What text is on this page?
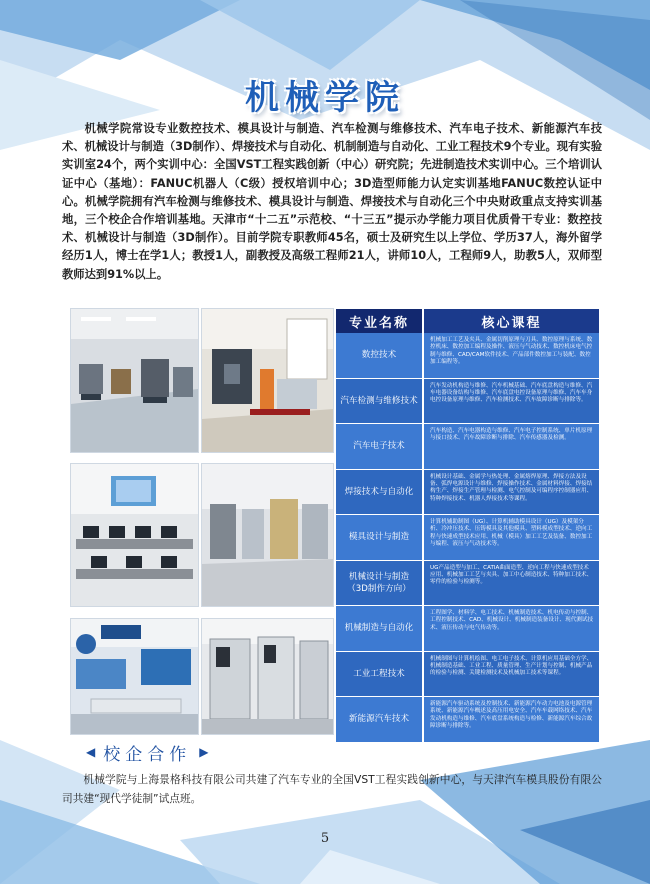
机械学院

机械学院常设专业数控技术、模具设计与制造、汽车检测与维修技术、汽车电子技术、新能源汽车技术、机械设计与制造（3D制作）、焊接技术与自动化、机制制造与自动化、工业工程技术9个专业。现有实验实训室24个，两个实训中心：全国VST工程实践创新（中心）研究院；先进制造技术实训中心。三个培训认证中心（基地）：FANUC机器人（C级）授权培训中心；3D造型师能力认定实训基地FANUC数控认证中心。机械学院拥有汽车检测与维修技术、模具设计与制造、焊接技术与自动化三个中央财政重点支持实训基地，三个校企合作培训基地。天津市“十二五”示范校、“十三五”提示办学能力项目优质骨干专业：数控技术、机械设计与制造（3D制作）。目前学院专职教师45名，硕士及研究生以上学位、学历37人，海外留学经历1人，博士在学1人；教授1人，副教授及高级工程师21人，讲师10人，工程师9人，助教5人，双师型教师达到91%以上。

专业名称	核心课程
数控技术
机械加工工艺及夹具、金属切削原理与刀具、数控原理与系统、数控机床、数控加工编程及操作、液压与气动技术、数控机床电气控制与维修、CAD/CAM软件技术、产品部件数控加工与装配、数控加工编程等。
汽车检测与维修技术
汽车发动机构造与维修、汽车机械基础、汽车底盘构造与维修、汽车电器设备结构与维修、汽车底盘电控设备原理与维修、汽车车身电控设备原理与维修、汽车检测技术、汽车故障诊断与排除等。
汽车电子技术
汽车构造、汽车电器构造与维修、汽车电子控制系统、单片机原理与接口技术、汽车故障诊断与排除、汽车传感器及检测。
焊接技术与自动化
机械设计基础、金属学与热处理、金属熔焊原理、焊接方法及设备、弧焊电源设计与维修、焊接操作技术、金属材料焊接、焊接结构生产、焊接生产管理与检测、电气控制及可编程序控制器应用、特种焊接技术、机器人焊接技术等课程。
模具设计与制造
计算机辅助制图（UG）、计算机辅助模具设计（UG）及模架分析、冷冲压技术、压铸模具及其他模具、塑料模成型技术、逆向工程与快速成型技术应用、机械（模具）加工工艺及装备、数控加工与编程、液压与气动技术等。
机械设计与制造
（3D制作方向）
UG产品造型与加工、CATIA曲面造型、逆向工程与快速成型技术应用、机械加工工艺与夹具、加工中心制造技术、特种加工技术、零件的检验与检测等。
机械制造与自动化
工程图学、材料学、电工技术、机械制造技术、机电传动与控制、工程控制技术、CAD、机械设计、机械制造装备设计、现代测试技术、液压传动与电气传动等。
工业工程技术
机械制图与计算机绘图、电工电子技术、计算机应用基础全方学、机械制造基础、工业工程、质量管理、生产计划与控制、机械产品的检验与检测、关键检测技术及机械加工技术等课程。
新能源汽车技术
新能源汽车驱动系统及控制技术、新能源汽车动力电池及电源管理系统、新能源汽车概述及高压用电安全、汽车车载网络技术、汽车发动机构造与维修、汽车底盘系统构造与检修、新能源汽车综合故障诊断与排除等。
◀ 校企合作 ▶

机械学院与上海景格科技有限公司共建了汽车专业的全国VST工程实践创新中心，与天津汽车模具股份有限公司共建“现代学徒制”试点班。

5
